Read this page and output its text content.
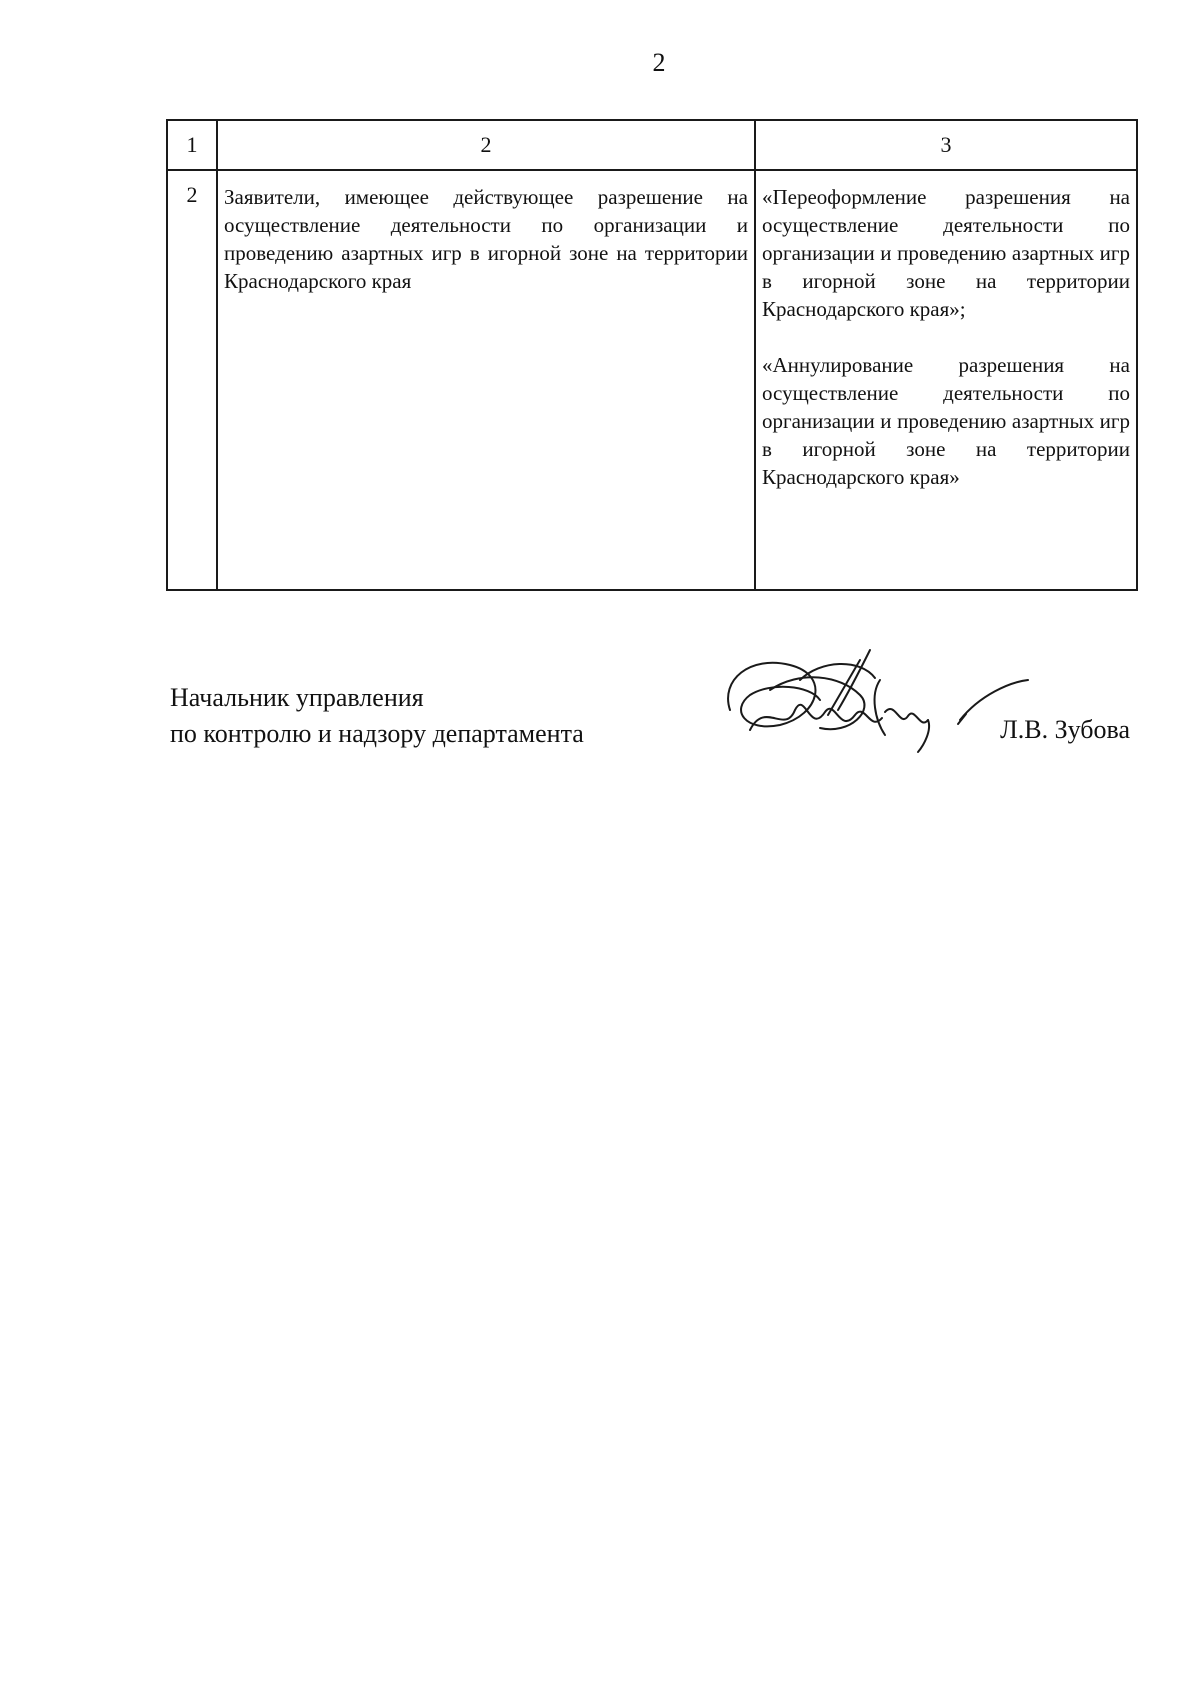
2
1	2	3

2	Заявители, имеющее действующее разрешение на осуществление деятельности по организации и проведению азартных игр в игорной зоне на территории Краснодарского края	«Переоформление разрешения на осуществление деятельности по организации и проведению азартных игр в игорной зоне на территории Краснодарского края»;

«Аннулирование разрешения на осуществление деятельности по организации и проведению азартных игр в игорной зоне на территории Краснодарского края»

Начальник управления
по контролю и надзору департамента	Л.В. Зубова
